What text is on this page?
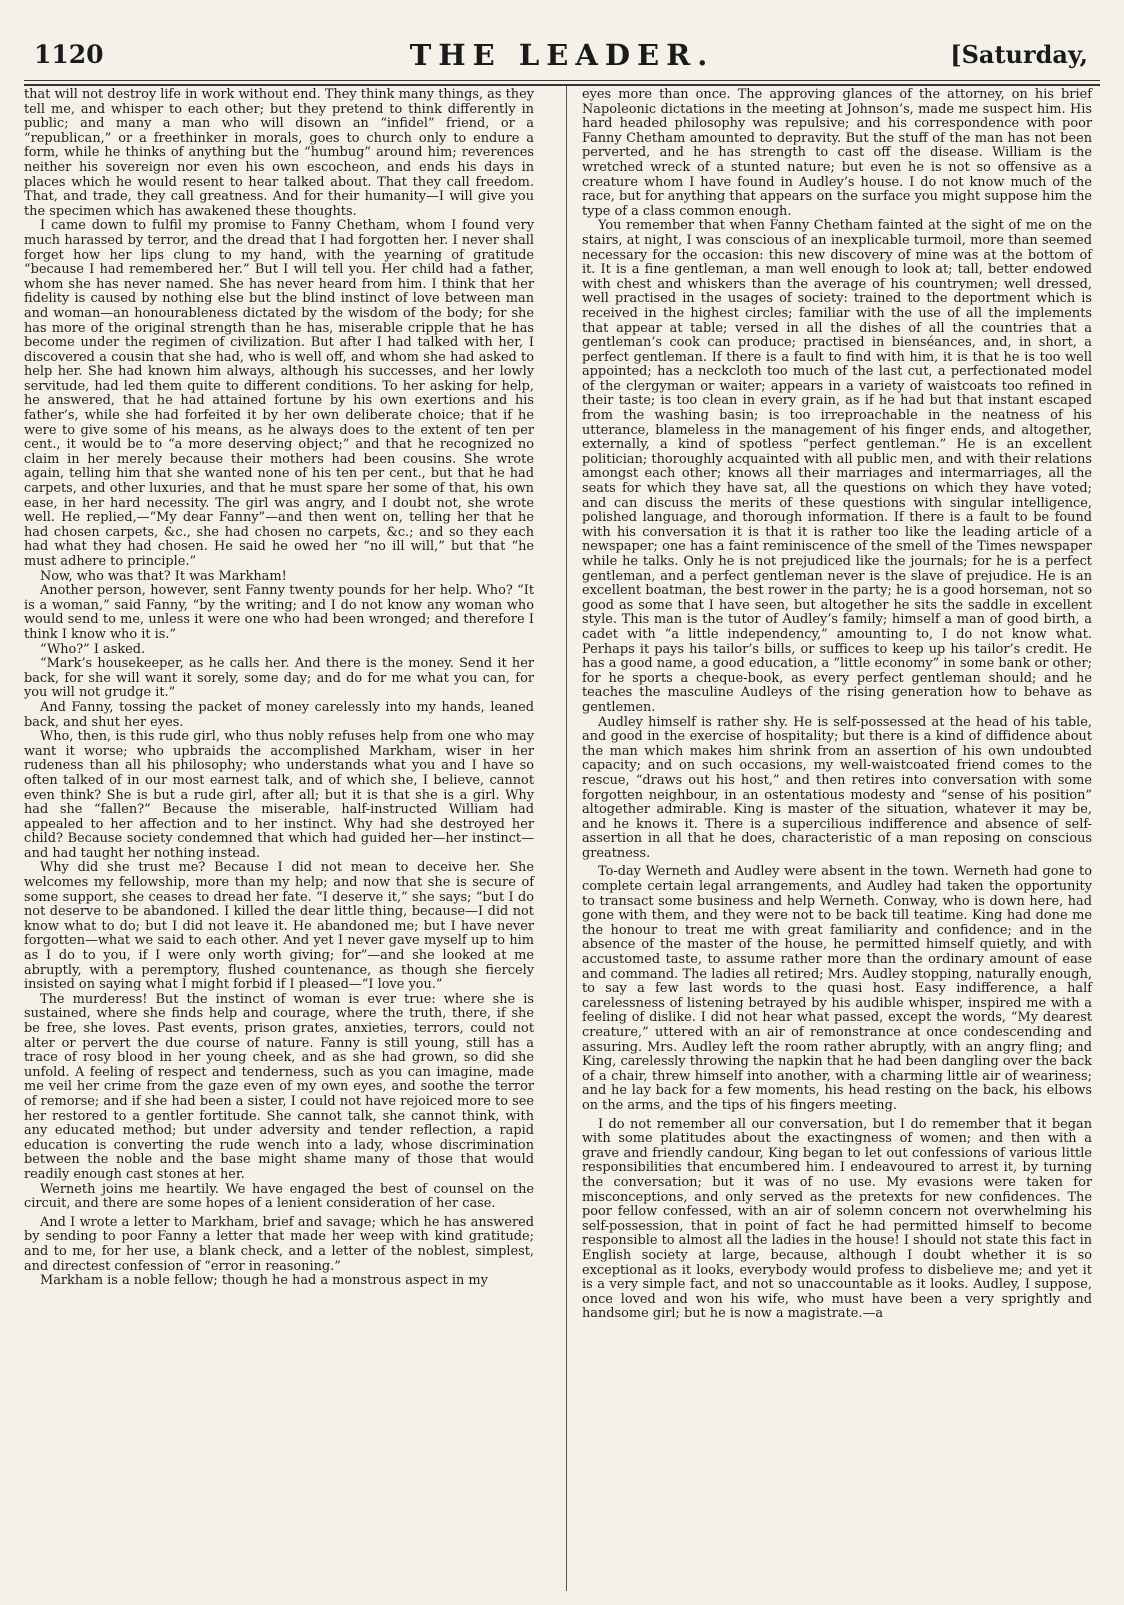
1120	THE LEADER.	[Saturday,

that will not destroy life in work without end. They think many things, as they tell me, and whisper to each other; but they pretend to think differently in public; and many a man who will disown an “infidel” friend, or a “republican,” or a freethinker in morals, goes to church only to endure a form, while he thinks of anything but the “humbug” around him; reverences neither his sovereign nor even his own escocheon, and ends his days in places which he would resent to hear talked about. That they call freedom. That, and trade, they call greatness. And for their humanity—I will give you the specimen which has awakened these thoughts.

I came down to fulfil my promise to Fanny Chetham, whom I found very much harassed by terror, and the dread that I had forgotten her. I never shall forget how her lips clung to my hand, with the yearning of gratitude “because I had remembered her.” But I will tell you. Her child had a father, whom she has never named. She has never heard from him. I think that her fidelity is caused by nothing else but the blind instinct of love between man and woman—an honourableness dictated by the wisdom of the body; for she has more of the original strength than he has, miserable cripple that he has become under the regimen of civilization. But after I had talked with her, I discovered a cousin that she had, who is well off, and whom she had asked to help her. She had known him always, although his successes, and her lowly servitude, had led them quite to different conditions. To her asking for help, he answered, that he had attained fortune by his own exertions and his father’s, while she had forfeited it by her own deliberate choice; that if he were to give some of his means, as he always does to the extent of ten per cent., it would be to “a more deserving object;” and that he recognized no claim in her merely because their mothers had been cousins. She wrote again, telling him that she wanted none of his ten per cent., but that he had carpets, and other luxuries, and that he must spare her some of that, his own ease, in her hard necessity. The girl was angry, and I doubt not, she wrote well. He replied,—“My dear Fanny”—and then went on, telling her that he had chosen carpets, &c., she had chosen no carpets, &c.; and so they each had what they had chosen. He said he owed her “no ill will,” but that “he must adhere to principle.”

Now, who was that? It was Markham!

Another person, however, sent Fanny twenty pounds for her help. Who? “It is a woman,” said Fanny, “by the writing; and I do not know any woman who would send to me, unless it were one who had been wronged; and therefore I think I know who it is.”

“Who?” I asked.

“Mark’s housekeeper, as he calls her. And there is the money. Send it her back, for she will want it sorely, some day; and do for me what you can, for you will not grudge it.”

And Fanny, tossing the packet of money carelessly into my hands, leaned back, and shut her eyes.

Who, then, is this rude girl, who thus nobly refuses help from one who may want it worse; who upbraids the accomplished Markham, wiser in her rudeness than all his philosophy; who understands what you and I have so often talked of in our most earnest talk, and of which she, I believe, cannot even think? She is but a rude girl, after all; but it is that she is a girl. Why had she “fallen?” Because the miserable, half-instructed William had appealed to her affection and to her instinct. Why had she destroyed her child? Because society condemned that which had guided her—her instinct—and had taught her nothing instead.

Why did she trust me? Because I did not mean to deceive her. She welcomes my fellowship, more than my help; and now that she is secure of some support, she ceases to dread her fate. “I deserve it,” she says; “but I do not deserve to be abandoned. I killed the dear little thing, because—I did not know what to do; but I did not leave it. He abandoned me; but I have never forgotten—what we said to each other. And yet I never gave myself up to him as I do to you, if I were only worth giving; for”—and she looked at me abruptly, with a peremptory, flushed countenance, as though she fiercely insisted on saying what I might forbid if I pleased—“I love you.”

The murderess! But the instinct of woman is ever true: where she is sustained, where she finds help and courage, where the truth, there, if she be free, she loves. Past events, prison grates, anxieties, terrors, could not alter or pervert the due course of nature. Fanny is still young, still has a trace of rosy blood in her young cheek, and as she had grown, so did she unfold. A feeling of respect and tenderness, such as you can imagine, made me veil her crime from the gaze even of my own eyes, and soothe the terror of remorse; and if she had been a sister, I could not have rejoiced more to see her restored to a gentler fortitude. She cannot talk, she cannot think, with any educated method; but under adversity and tender reflection, a rapid education is converting the rude wench into a lady, whose discrimination between the noble and the base might shame many of those that would readily enough cast stones at her.

Werneth joins me heartily. We have engaged the best of counsel on the circuit, and there are some hopes of a lenient consideration of her case.

And I wrote a letter to Markham, brief and savage; which he has answered by sending to poor Fanny a letter that made her weep with kind gratitude; and to me, for her use, a blank check, and a letter of the noblest, simplest, and directest confession of “error in reasoning.”

Markham is a noble fellow; though he had a monstrous aspect in my

eyes more than once. The approving glances of the attorney, on his brief Napoleonic dictations in the meeting at Johnson’s, made me suspect him. His hard headed philosophy was repulsive; and his correspondence with poor Fanny Chetham amounted to depravity. But the stuff of the man has not been perverted, and he has strength to cast off the disease. William is the wretched wreck of a stunted nature; but even he is not so offensive as a creature whom I have found in Audley’s house. I do not know much of the race, but for anything that appears on the surface you might suppose him the type of a class common enough.

You remember that when Fanny Chetham fainted at the sight of me on the stairs, at night, I was conscious of an inexplicable turmoil, more than seemed necessary for the occasion: this new discovery of mine was at the bottom of it. It is a fine gentleman, a man well enough to look at; tall, better endowed with chest and whiskers than the average of his countrymen; well dressed, well practised in the usages of society: trained to the deportment which is received in the highest circles; familiar with the use of all the implements that appear at table; versed in all the dishes of all the countries that a gentleman’s cook can produce; practised in bienséances, and, in short, a perfect gentleman. If there is a fault to find with him, it is that he is too well appointed; has a neckcloth too much of the last cut, a perfectionated model of the clergyman or waiter; appears in a variety of waistcoats too refined in their taste; is too clean in every grain, as if he had but that instant escaped from the washing basin; is too irreproachable in the neatness of his utterance, blameless in the management of his finger ends, and altogether, externally, a kind of spotless “perfect gentleman.” He is an excellent politician; thoroughly acquainted with all public men, and with their relations amongst each other; knows all their marriages and intermarriages, all the seats for which they have sat, all the questions on which they have voted; and can discuss the merits of these questions with singular intelligence, polished language, and thorough information. If there is a fault to be found with his conversation it is that it is rather too like the leading article of a newspaper; one has a faint reminiscence of the smell of the Times newspaper while he talks. Only he is not prejudiced like the journals; for he is a perfect gentleman, and a perfect gentleman never is the slave of prejudice. He is an excellent boatman, the best rower in the party; he is a good horseman, not so good as some that I have seen, but altogether he sits the saddle in excellent style. This man is the tutor of Audley’s family; himself a man of good birth, a cadet with “a little independency,” amounting to, I do not know what. Perhaps it pays his tailor’s bills, or suffices to keep up his tailor’s credit. He has a good name, a good education, a “little economy” in some bank or other; for he sports a cheque-book, as every perfect gentleman should; and he teaches the masculine Audleys of the rising generation how to behave as gentlemen.

Audley himself is rather shy. He is self-possessed at the head of his table, and good in the exercise of hospitality; but there is a kind of diffidence about the man which makes him shrink from an assertion of his own undoubted capacity; and on such occasions, my well-waistcoated friend comes to the rescue, “draws out his host,” and then retires into conversation with some forgotten neighbour, in an ostentatious modesty and “sense of his position” altogether admirable. King is master of the situation, whatever it may be, and he knows it. There is a supercilious indifference and absence of self-assertion in all that he does, characteristic of a man reposing on conscious greatness.

To-day Werneth and Audley were absent in the town. Werneth had gone to complete certain legal arrangements, and Audley had taken the opportunity to transact some business and help Werneth. Conway, who is down here, had gone with them, and they were not to be back till teatime. King had done me the honour to treat me with great familiarity and confidence; and in the absence of the master of the house, he permitted himself quietly, and with accustomed taste, to assume rather more than the ordinary amount of ease and command. The ladies all retired; Mrs. Audley stopping, naturally enough, to say a few last words to the quasi host. Easy indifference, a half carelessness of listening betrayed by his audible whisper, inspired me with a feeling of dislike. I did not hear what passed, except the words, “My dearest creature,” uttered with an air of remonstrance at once condescending and assuring. Mrs. Audley left the room rather abruptly, with an angry fling; and King, carelessly throwing the napkin that he had been dangling over the back of a chair, threw himself into another, with a charming little air of weariness; and he lay back for a few moments, his head resting on the back, his elbows on the arms, and the tips of his fingers meeting.

I do not remember all our conversation, but I do remember that it began with some platitudes about the exactingness of women; and then with a grave and friendly candour, King began to let out confessions of various little responsibilities that encumbered him. I endeavoured to arrest it, by turning the conversation; but it was of no use. My evasions were taken for misconceptions, and only served as the pretexts for new confidences. The poor fellow confessed, with an air of solemn concern not overwhelming his self-possession, that in point of fact he had permitted himself to become responsible to almost all the ladies in the house! I should not state this fact in English society at large, because, although I doubt whether it is so exceptional as it looks, everybody would profess to disbelieve me; and yet it is a very simple fact, and not so unaccountable as it looks. Audley, I suppose, once loved and won his wife, who must have been a very sprightly and handsome girl; but he is now a magistrate.—a
